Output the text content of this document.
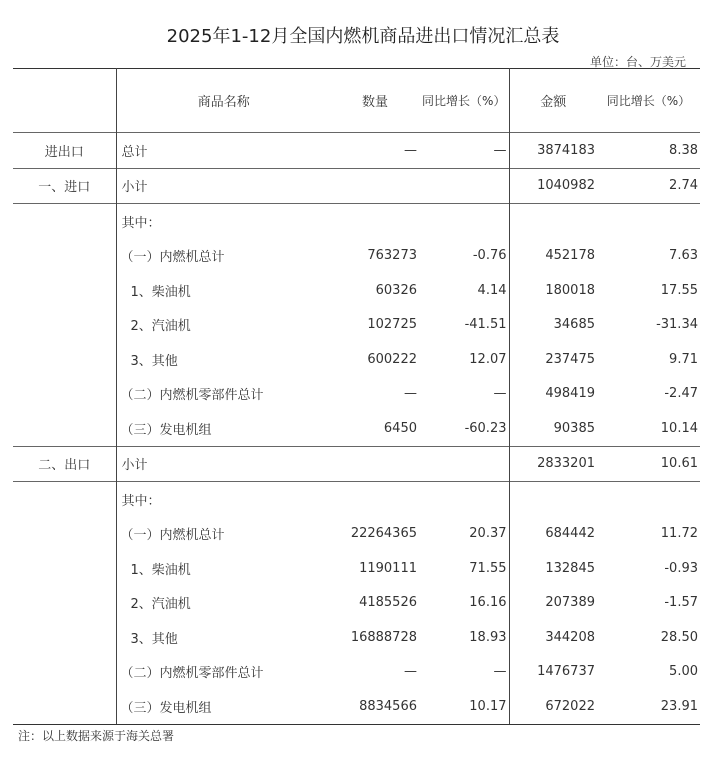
2025年1-12月全国内燃机商品进出口情况汇总表
单位：台、万美元
	商品名称	数量	同比增长（%）	金额	同比增长（%）
进出口	总计	—	—	3874183	8.38
一、进口	小计			1040982	2.74
	其中：				
	（一）内燃机总计	763273	-0.76	452178	7.63
	1、柴油机	60326	4.14	180018	17.55
	2、汽油机	102725	-41.51	34685	-31.34
	3、其他	600222	12.07	237475	9.71
	（二）内燃机零部件总计	—	—	498419	-2.47
	（三）发电机组	6450	-60.23	90385	10.14
二、出口	小计			2833201	10.61
	其中：				
	（一）内燃机总计	22264365	20.37	684442	11.72
	1、柴油机	1190111	71.55	132845	-0.93
	2、汽油机	4185526	16.16	207389	-1.57
	3、其他	16888728	18.93	344208	28.50
	（二）内燃机零部件总计	—	—	1476737	5.00
	（三）发电机组	8834566	10.17	672022	23.91
注：以上数据来源于海关总署
